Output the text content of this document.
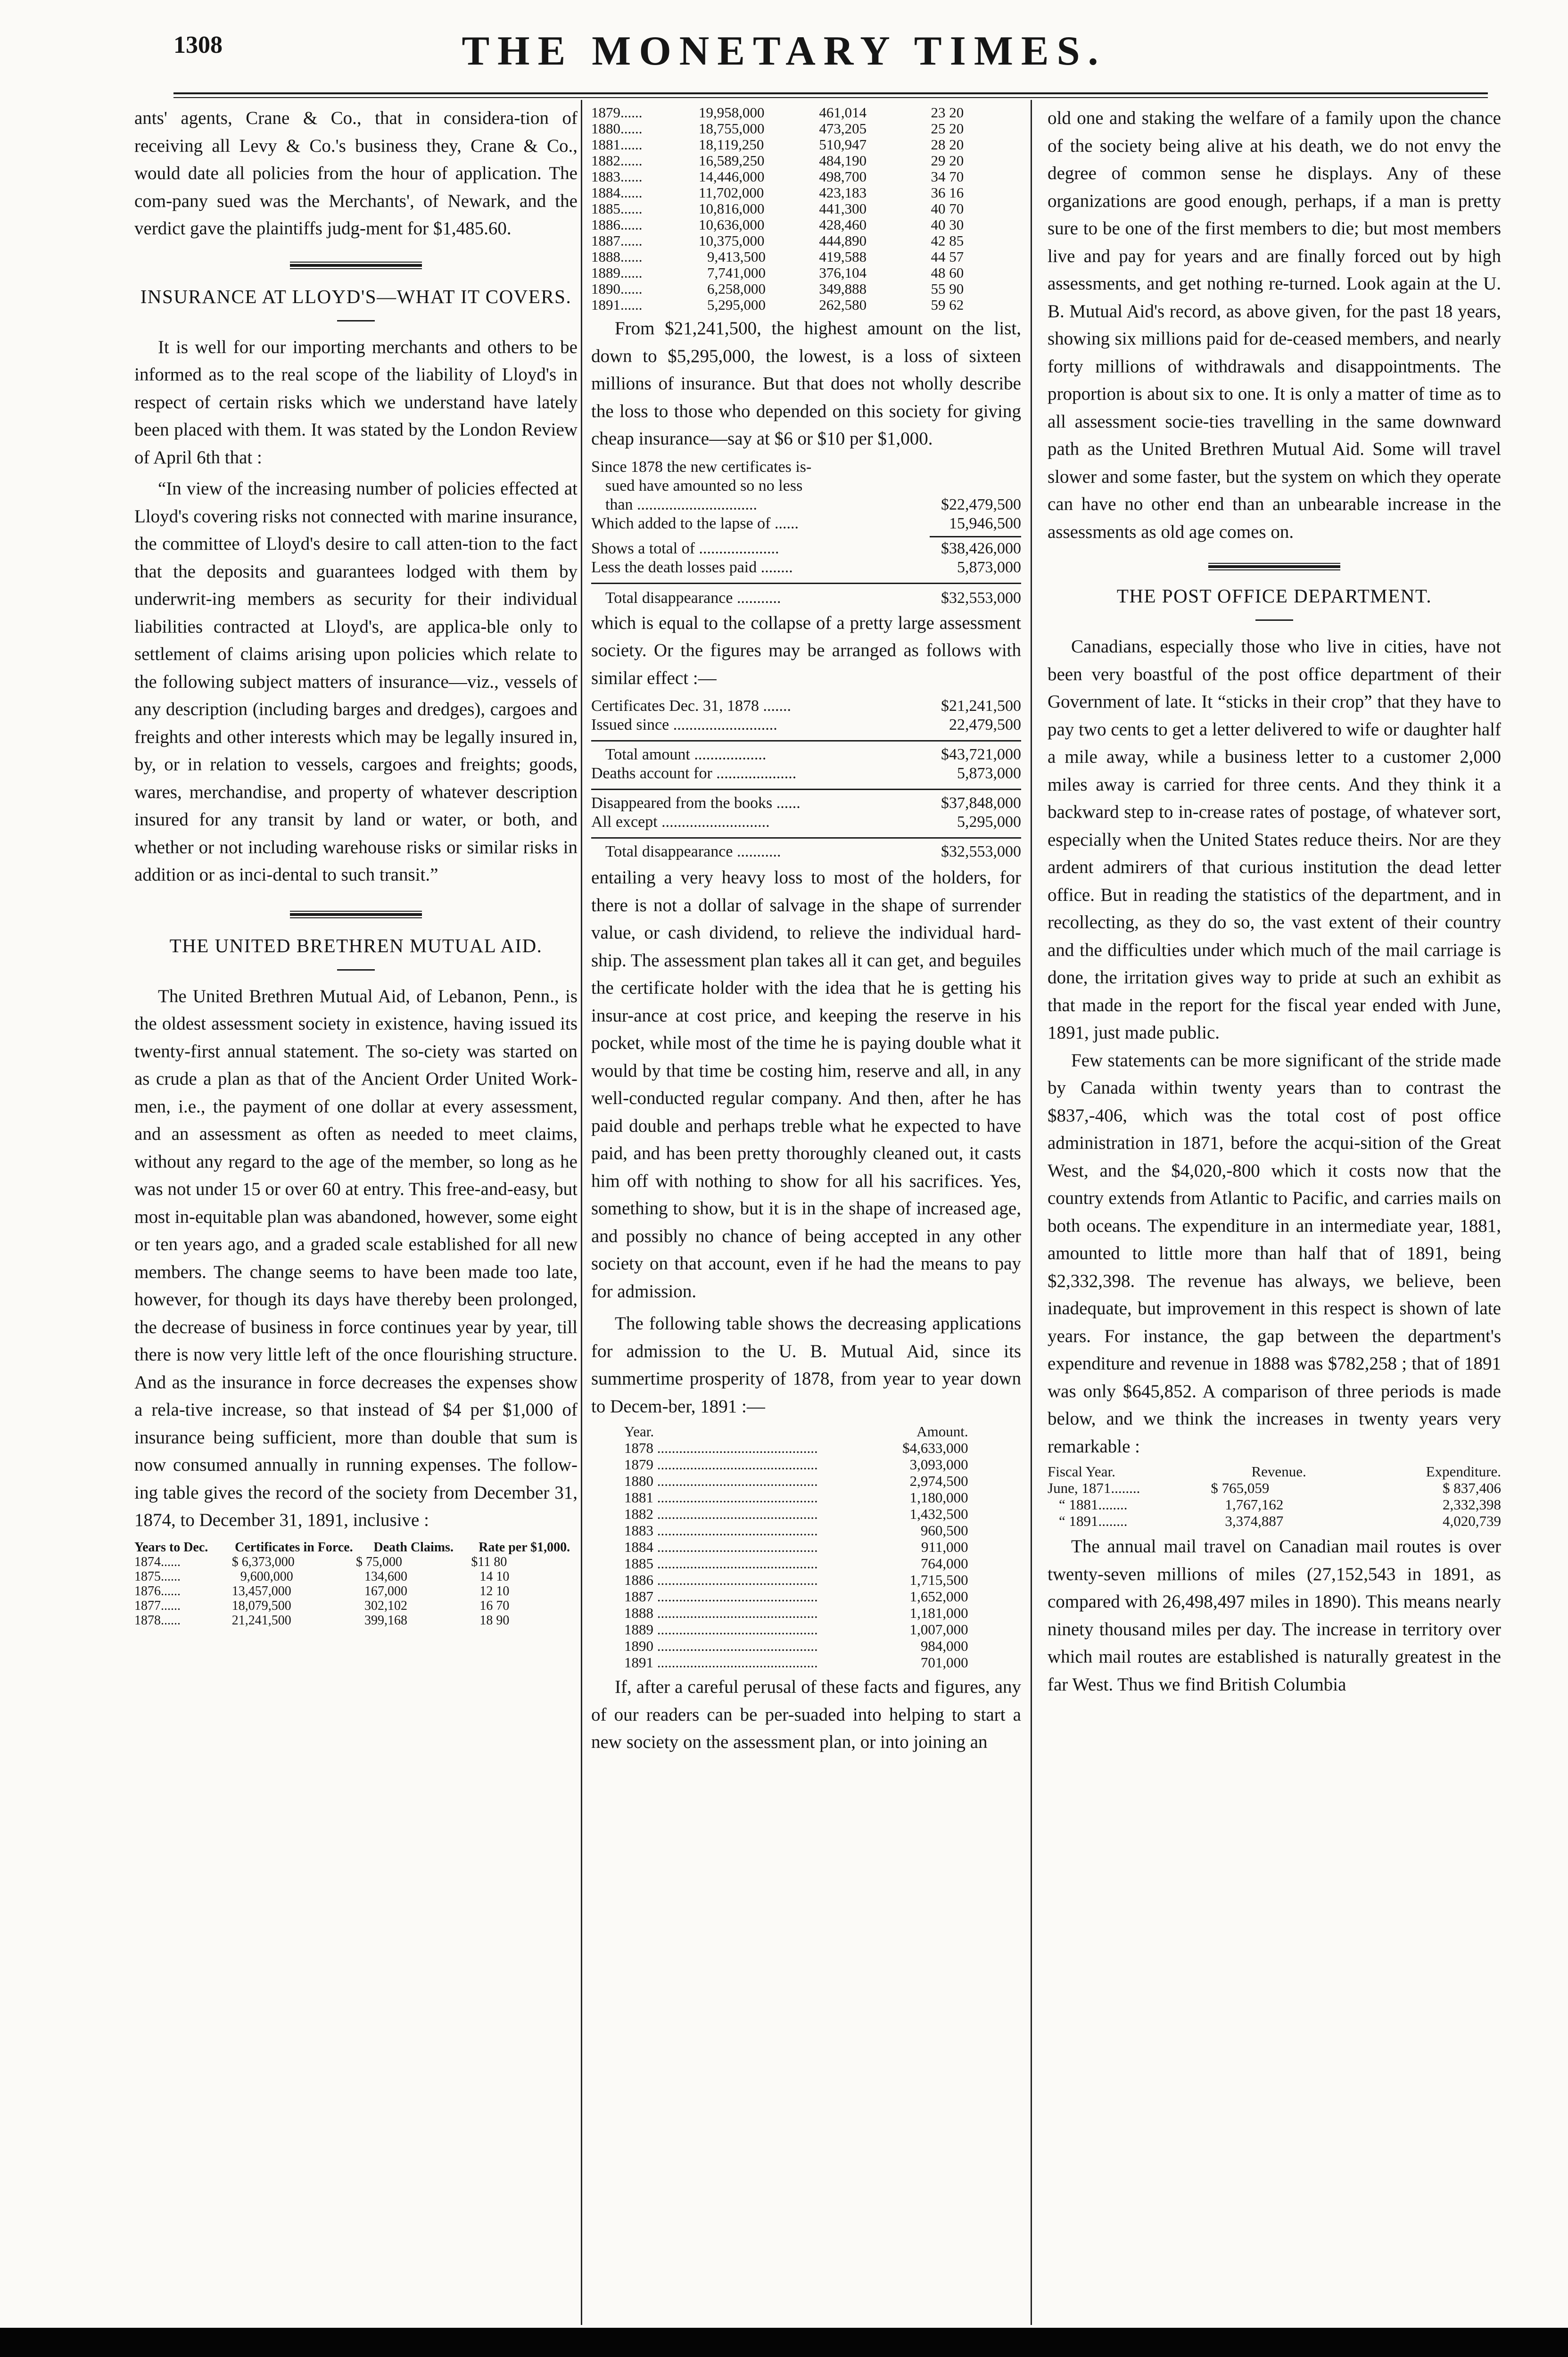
1308	THE MONETARY TIMES.

ants' agents, Crane & Co., that in considera-tion of receiving all Levy & Co.'s business they, Crane & Co., would date all policies from the hour of application. The com-pany sued was the Merchants', of Newark, and the verdict gave the plaintiffs judg-ment for $1,485.60.

INSURANCE AT LLOYD'S—WHAT IT COVERS.

It is well for our importing merchants and others to be informed as to the real scope of the liability of Lloyd's in respect of certain risks which we understand have lately been placed with them. It was stated by the London Review of April 6th that :

“In view of the increasing number of policies effected at Lloyd's covering risks not connected with marine insurance, the committee of Lloyd's desire to call atten-tion to the fact that the deposits and guarantees lodged with them by underwrit-ing members as security for their individual liabilities contracted at Lloyd's, are applica-ble only to settlement of claims arising upon policies which relate to the following subject matters of insurance—viz., vessels of any description (including barges and dredges), cargoes and freights and other interests which may be legally insured in, by, or in relation to vessels, cargoes and freights; goods, wares, merchandise, and property of whatever description insured for any transit by land or water, or both, and whether or not including warehouse risks or similar risks in addition or as inci-dental to such transit.”

THE UNITED BRETHREN MUTUAL AID.

The United Brethren Mutual Aid, of Lebanon, Penn., is the oldest assessment society in existence, having issued its twenty-first annual statement. The so-ciety was started on as crude a plan as that of the Ancient Order United Work-men, i.e., the payment of one dollar at every assessment, and an assessment as often as needed to meet claims, without any regard to the age of the member, so long as he was not under 15 or over 60 at entry. This free-and-easy, but most in-equitable plan was abandoned, however, some eight or ten years ago, and a graded scale established for all new members. The change seems to have been made too late, however, for though its days have thereby been prolonged, the decrease of business in force continues year by year, till there is now very little left of the once flourishing structure. And as the insurance in force decreases the expenses show a rela-tive increase, so that instead of $4 per $1,000 of insurance being sufficient, more than double that sum is now consumed annually in running expenses. The follow-ing table gives the record of the society from December 31, 1874, to December 31, 1891, inclusive :

Years to Dec.	Certificates in Force.	Death Claims.	Rate per $1,000.
1874......	$ 6,373,000	$ 75,000	$11 80
1875......	9,600,000	134,600	14 10
1876......	13,457,000	167,000	12 10
1877......	18,079,500	302,102	16 70
1878......	21,241,500	399,168	18 90
1879......	19,958,000	461,014	23 20
1880......	18,755,000	473,205	25 20
1881......	18,119,250	510,947	28 20
1882......	16,589,250	484,190	29 20
1883......	14,446,000	498,700	34 70
1884......	11,702,000	423,183	36 16
1885......	10,816,000	441,300	40 70
1886......	10,636,000	428,460	40 30
1887......	10,375,000	444,890	42 85
1888......	9,413,500	419,588	44 57
1889......	7,741,000	376,104	48 60
1890......	6,258,000	349,888	55 90
1891......	5,295,000	262,580	59 62

From $21,241,500, the highest amount on the list, down to $5,295,000, the lowest, is a loss of sixteen millions of insurance. But that does not wholly describe the loss to those who depended on this society for giving cheap insurance—say at $6 or $10 per $1,000.

Since 1878 the new certificates is-	
sued have amounted so no less	
than ..............................	$22,479,500
Which added to the lapse of ......	15,946,500

Shows a total of ....................	$38,426,000
Less the death losses paid ........	5,873,000

Total disappearance ...........	$32,553,000

which is equal to the collapse of a pretty large assessment society. Or the figures may be arranged as follows with similar effect :—

Certificates Dec. 31, 1878 .......	$21,241,500
Issued since ..........................	22,479,500

Total amount ..................	$43,721,000
Deaths account for ....................	5,873,000

Disappeared from the books ......	$37,848,000
All except ...........................	5,295,000

Total disappearance ...........	$32,553,000

entailing a very heavy loss to most of the holders, for there is not a dollar of salvage in the shape of surrender value, or cash dividend, to relieve the individual hard-ship. The assessment plan takes all it can get, and beguiles the certificate holder with the idea that he is getting his insur-ance at cost price, and keeping the reserve in his pocket, while most of the time he is paying double what it would by that time be costing him, reserve and all, in any well-conducted regular company. And then, after he has paid double and perhaps treble what he expected to have paid, and has been pretty thoroughly cleaned out, it casts him off with nothing to show for all his sacrifices. Yes, something to show, but it is in the shape of increased age, and possibly no chance of being accepted in any other society on that account, even if he had the means to pay for admission.

The following table shows the decreasing applications for admission to the U. B. Mutual Aid, since its summertime prosperity of 1878, from year to year down to Decem-ber, 1891 :—

Year.	Amount.
1878 ............................................	$4,633,000
1879 ............................................	3,093,000
1880 ............................................	2,974,500
1881 ............................................	1,180,000
1882 ............................................	1,432,500
1883 ............................................	960,500
1884 ............................................	911,000
1885 ............................................	764,000
1886 ............................................	1,715,500
1887 ............................................	1,652,000
1888 ............................................	1,181,000
1889 ............................................	1,007,000
1890 ............................................	984,000
1891 ............................................	701,000

If, after a careful perusal of these facts and figures, any of our readers can be per-suaded into helping to start a new society on the assessment plan, or into joining an

old one and staking the welfare of a family upon the chance of the society being alive at his death, we do not envy the degree of common sense he displays. Any of these organizations are good enough, perhaps, if a man is pretty sure to be one of the first members to die; but most members live and pay for years and are finally forced out by high assessments, and get nothing re-turned. Look again at the U. B. Mutual Aid's record, as above given, for the past 18 years, showing six millions paid for de-ceased members, and nearly forty millions of withdrawals and disappointments. The proportion is about six to one. It is only a matter of time as to all assessment socie-ties travelling in the same downward path as the United Brethren Mutual Aid. Some will travel slower and some faster, but the system on which they operate can have no other end than an unbearable increase in the assessments as old age comes on.

THE POST OFFICE DEPARTMENT.

Canadians, especially those who live in cities, have not been very boastful of the post office department of their Government of late. It “sticks in their crop” that they have to pay two cents to get a letter delivered to wife or daughter half a mile away, while a business letter to a customer 2,000 miles away is carried for three cents. And they think it a backward step to in-crease rates of postage, of whatever sort, especially when the United States reduce theirs. Nor are they ardent admirers of that curious institution the dead letter office. But in reading the statistics of the department, and in recollecting, as they do so, the vast extent of their country and the difficulties under which much of the mail carriage is done, the irritation gives way to pride at such an exhibit as that made in the report for the fiscal year ended with June, 1891, just made public.

Few statements can be more significant of the stride made by Canada within twenty years than to contrast the $837,-406, which was the total cost of post office administration in 1871, before the acqui-sition of the Great West, and the $4,020,-800 which it costs now that the country extends from Atlantic to Pacific, and carries mails on both oceans. The expenditure in an intermediate year, 1881, amounted to little more than half that of 1891, being $2,332,398. The revenue has always, we believe, been inadequate, but improvement in this respect is shown of late years. For instance, the gap between the department's expenditure and revenue in 1888 was $782,258 ; that of 1891 was only $645,852. A comparison of three periods is made below, and we think the increases in twenty years very remarkable :

Fiscal Year.	Revenue.	Expenditure.
June, 1871........	$ 765,059	$ 837,406
“ 1881........	1,767,162	2,332,398
“ 1891........	3,374,887	4,020,739

The annual mail travel on Canadian mail routes is over twenty-seven millions of miles (27,152,543 in 1891, as compared with 26,498,497 miles in 1890). This means nearly ninety thousand miles per day. The increase in territory over which mail routes are established is naturally greatest in the far West. Thus we find British Columbia
